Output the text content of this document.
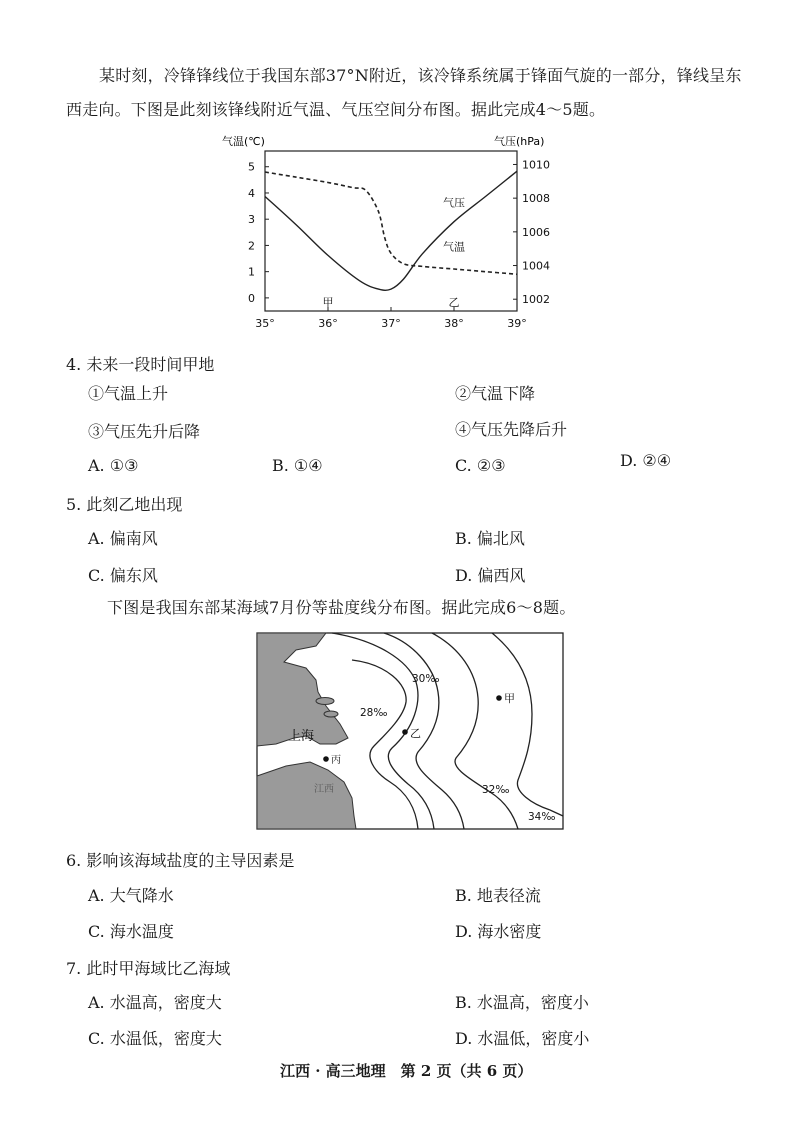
某时刻，冷锋锋线位于我国东部37°N附近，该冷锋系统属于锋面气旋的一部分，锋线呈东
西走向。下图是此刻该锋线附近气温、气压空间分布图。据此完成4～5题。
气温(℃)	气压(hPa)
35°	36°	37°	38°	39°
5
4
3
2
1
0
1010
1008
1006
1004
1002
气压
气温
甲	乙
4. 未来一段时间甲地
①气温上升	②气温下降
③气压先升后降	④气压先降后升
A. ①③	B. ①④	C. ②③	D. ②④
5. 此刻乙地出现
A. 偏南风	B. 偏北风
C. 偏东风	D. 偏西风
下图是我国东部某海域7月份等盐度线分布图。据此完成6～8题。
30‰
28‰
32‰
34‰
上海
江西
甲
乙
丙
6. 影响该海域盐度的主导因素是
A. 大气降水	B. 地表径流
C. 海水温度	D. 海水密度
7. 此时甲海域比乙海域
A. 水温高，密度大	B. 水温高，密度小
C. 水温低，密度大	D. 水温低，密度小
江西 · 高三地理　第 2 页（共 6 页）
